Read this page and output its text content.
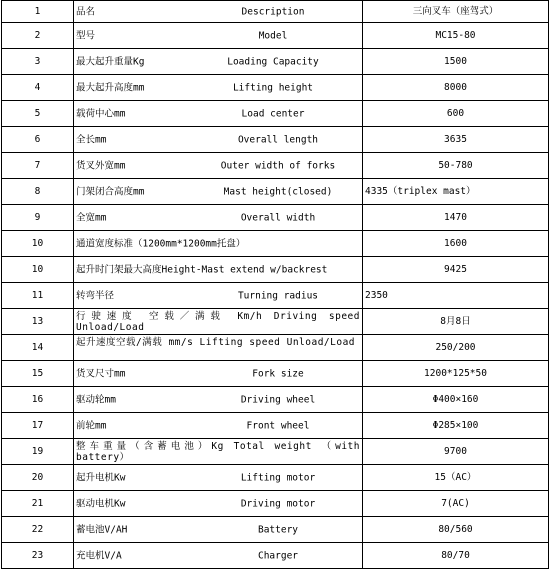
1	品名 Description	三向叉车（座驾式）
2	型号 Model	MC15-80
3	最大起升重量Kg Loading Capacity	1500
4	最大起升高度mm Lifting height	8000
5	载荷中心mm Load center	600
6	全长mm Overall length	3635
7	货叉外宽mm Outer width of forks	50-780
8	门架闭合高度mm Mast height(closed)	4335（triplex mast）
9	全宽mm Overall width	1470
10	通道宽度标准（1200mm*1200mm托盘）	1600
10	起升时门架最大高度Height-Mast extend w/backrest	9425
11	转弯半径 Turning radius	2350
13	行驶速度 空载／满载 Km/h Driving speed Unload/Load	8月8日
14	起升速度空载/满载 mm/s Lifting speed Unload/Load	250/200
15	货叉尺寸mm Fork size	1200*125*50
16	驱动轮mm Driving wheel	Φ400×160
17	前轮mm Front wheel	Φ285×100
19	整车重量（含蓄电池）Kg Total weight （with battery）	9700
20	起升电机Kw Lifting motor	15（AC）
21	驱动电机Kw Driving motor	7(AC)
22	蓄电池V/AH Battery	80/560
23	充电机V/A Charger	80/70
